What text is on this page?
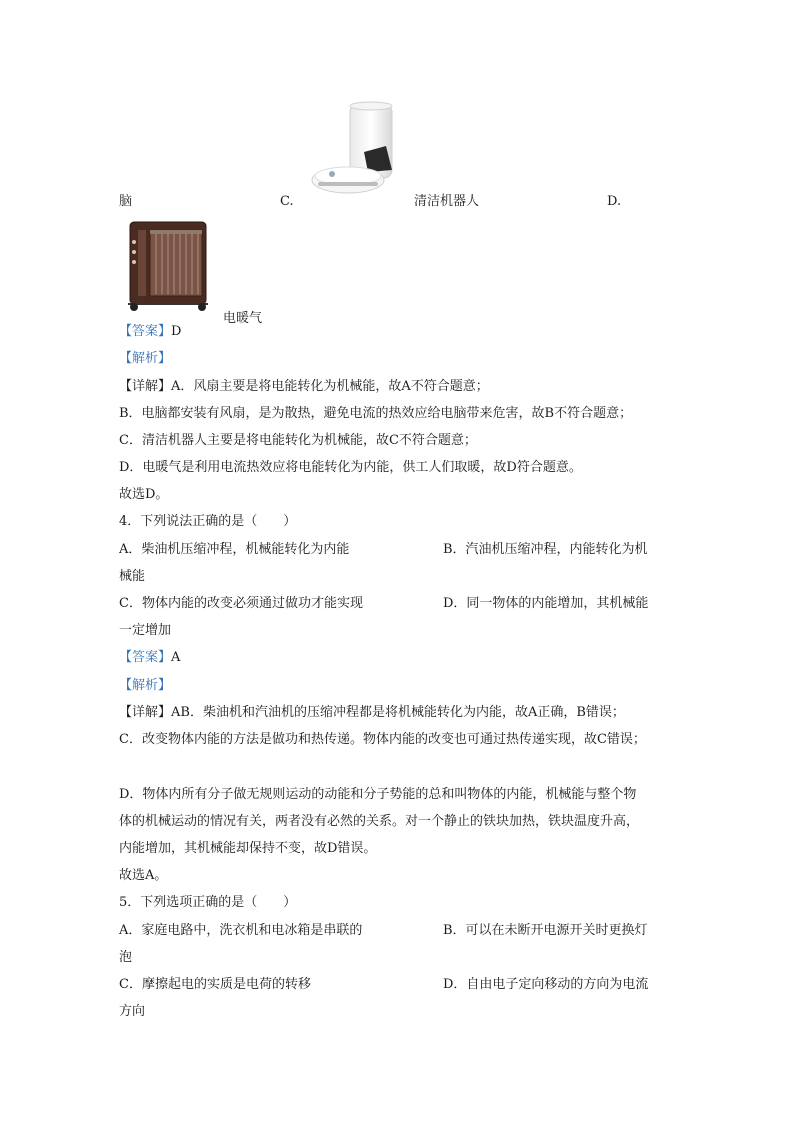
脑	C.	清洁机器人	D.
电暖气
【答案】D
【解析】
【详解】A．风扇主要是将电能转化为机械能，故A不符合题意；
B．电脑都安装有风扇，是为散热，避免电流的热效应给电脑带来危害，故B不符合题意；
C．清洁机器人主要是将电能转化为机械能，故C不符合题意；
D．电暖气是利用电流热效应将电能转化为内能，供工人们取暖，故D符合题意。
故选D。
4．下列说法正确的是（　　）
A．柴油机压缩冲程，机械能转化为内能	B．汽油机压缩冲程，内能转化为机
械能
C．物体内能的改变必须通过做功才能实现	D．同一物体的内能增加，其机械能
一定增加
【答案】A
【解析】
【详解】AB．柴油机和汽油机的压缩冲程都是将机械能转化为内能，故A正确，B错误；
C．改变物体内能的方法是做功和热传递。物体内能的改变也可通过热传递实现，故C错误；
D．物体内所有分子做无规则运动的动能和分子势能的总和叫物体的内能，机械能与整个物
体的机械运动的情况有关，两者没有必然的关系。对一个静止的铁块加热，铁块温度升高，
内能增加，其机械能却保持不变，故D错误。
故选A。
5．下列选项正确的是（　　）
A．家庭电路中，洗衣机和电冰箱是串联的	B．可以在未断开电源开关时更换灯
泡
C．摩擦起电的实质是电荷的转移	D．自由电子定向移动的方向为电流
方向
